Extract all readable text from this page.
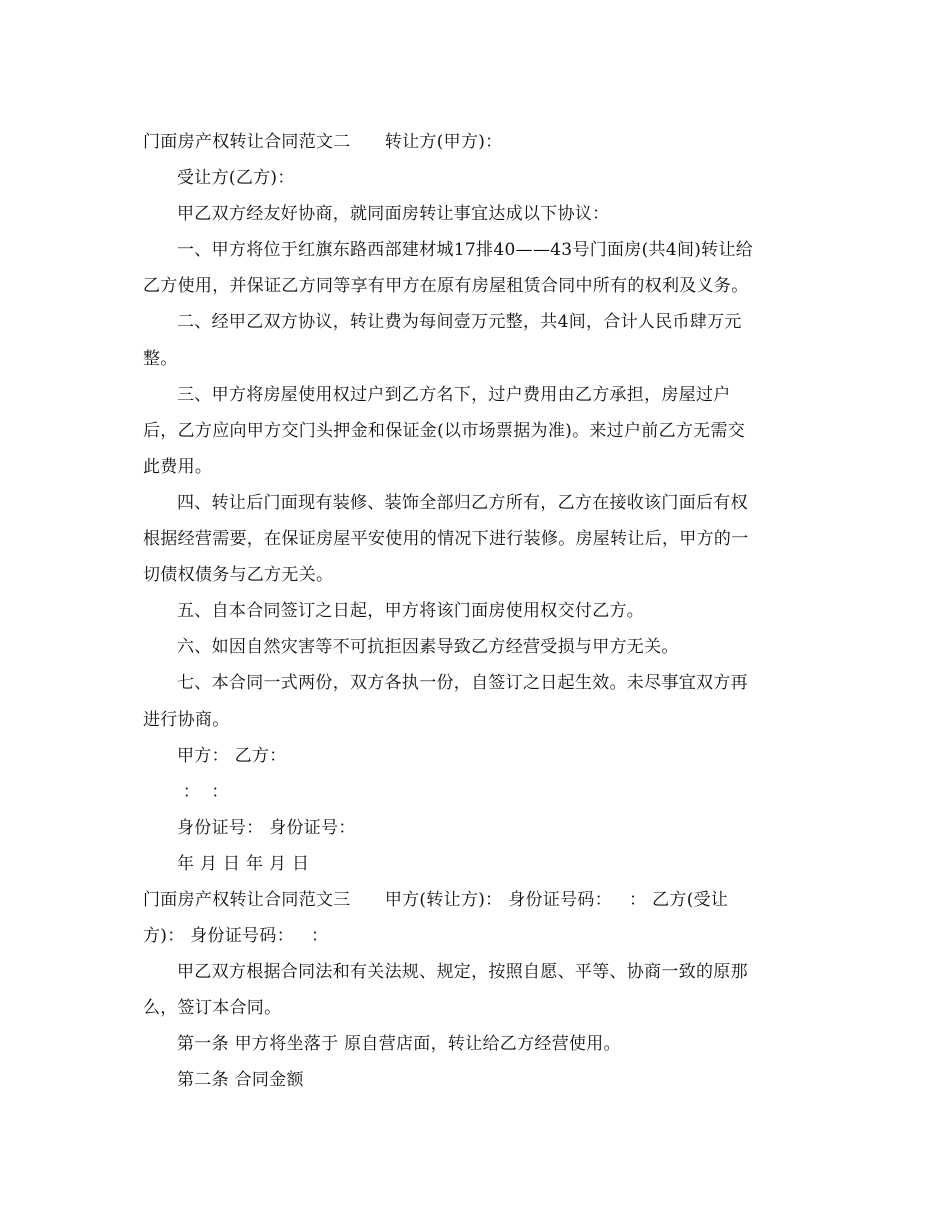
门面房产权转让合同范文二      转让方(甲方)：
受让方(乙方)：
甲乙双方经友好协商，就同面房转让事宜达成以下协议：
一、甲方将位于红旗东路西部建材城17排40——43号门面房(共4间)转让给
乙方使用，并保证乙方同等享有甲方在原有房屋租赁合同中所有的权利及义务。
二、经甲乙双方协议，转让费为每间壹万元整，共4间，合计人民币肆万元
整。
三、甲方将房屋使用权过户到乙方名下，过户费用由乙方承担，房屋过户
后，乙方应向甲方交门头押金和保证金(以市场票据为准)。来过户前乙方无需交
此费用。
四、转让后门面现有装修、装饰全部归乙方所有，乙方在接收该门面后有权
根据经营需要，在保证房屋平安使用的情况下进行装修。房屋转让后，甲方的一
切债权债务与乙方无关。
五、自本合同签订之日起，甲方将该门面房使用权交付乙方。
六、如因自然灾害等不可抗拒因素导致乙方经营受损与甲方无关。
七、本合同一式两份，双方各执一份，自签订之日起生效。未尽事宜双方再
进行协商。
甲方： 乙方：
：  ：
身份证号： 身份证号：
年 月 日 年 月 日
门面房产权转让合同范文三      甲方(转让方)： 身份证号码：   ： 乙方(受让
方)： 身份证号码：   ：
甲乙双方根据合同法和有关法规、规定，按照自愿、平等、协商一致的原那
么，签订本合同。
第一条 甲方将坐落于 原自营店面，转让给乙方经营使用。
第二条 合同金额
